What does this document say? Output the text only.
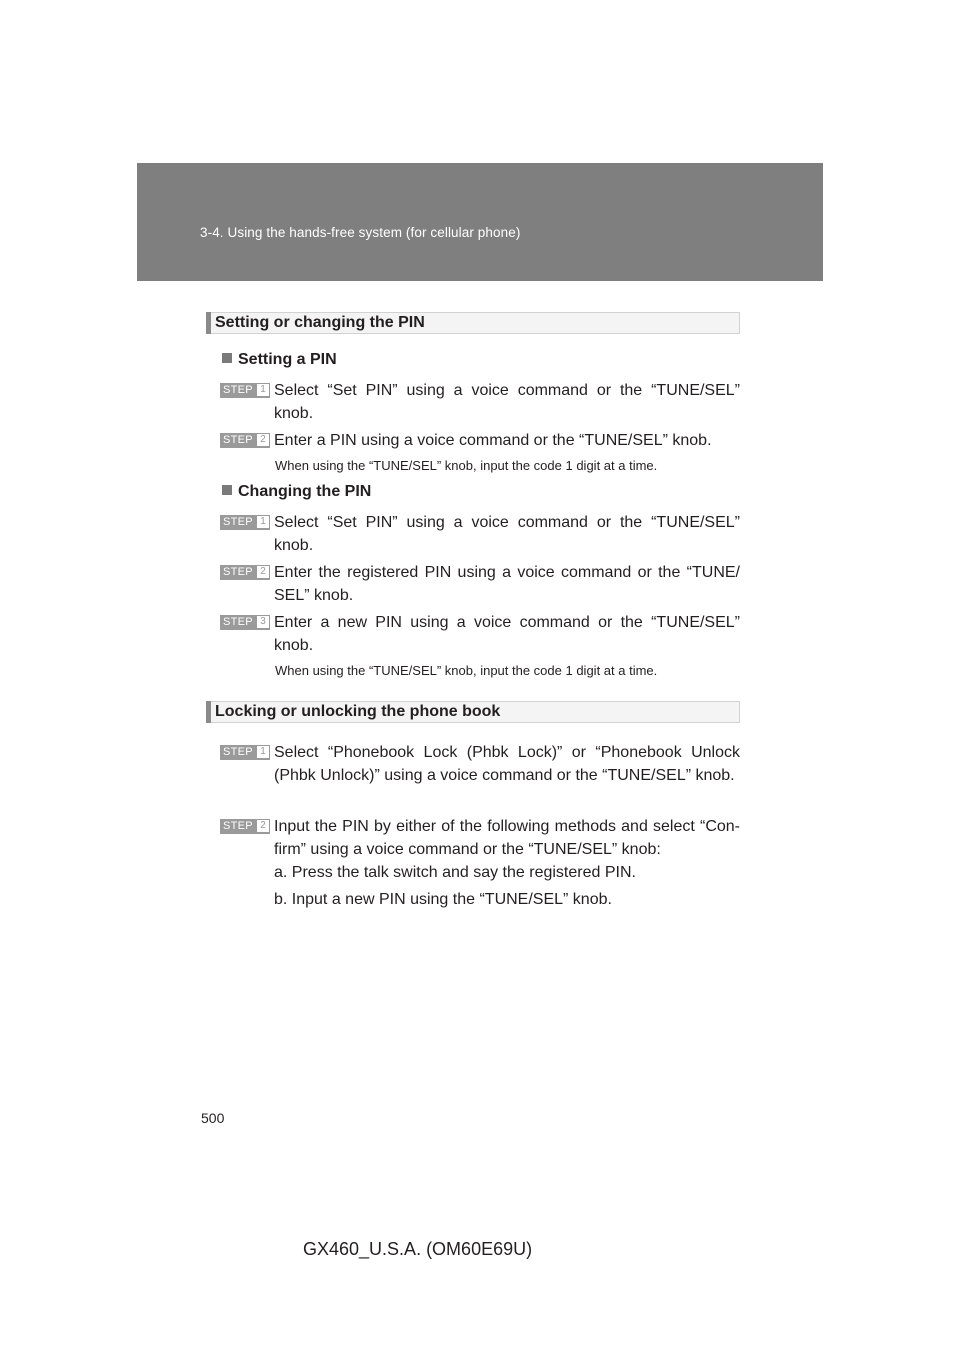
3-4. Using the hands-free system (for cellular phone)
Setting or changing the PIN
Setting a PIN
STEP 1 Select “Set PIN” using a voice command or the “TUNE/SEL” knob.
STEP 2 Enter a PIN using a voice command or the “TUNE/SEL” knob.
When using the “TUNE/SEL” knob, input the code 1 digit at a time.
Changing the PIN
STEP 1 Select “Set PIN” using a voice command or the “TUNE/SEL” knob.
STEP 2 Enter the registered PIN using a voice command or the “TUNE/ SEL” knob.
STEP 3 Enter a new PIN using a voice command or the “TUNE/SEL” knob.
When using the “TUNE/SEL” knob, input the code 1 digit at a time.
Locking or unlocking the phone book
STEP 1 Select “Phonebook Lock (Phbk Lock)” or “Phonebook Unlock (Phbk Unlock)” using a voice command or the “TUNE/SEL” knob.
STEP 2 Input the PIN by either of the following methods and select “Con- firm” using a voice command or the “TUNE/SEL” knob:
a. Press the talk switch and say the registered PIN.
b. Input a new PIN using the “TUNE/SEL” knob.
500
GX460_U.S.A. (OM60E69U)
